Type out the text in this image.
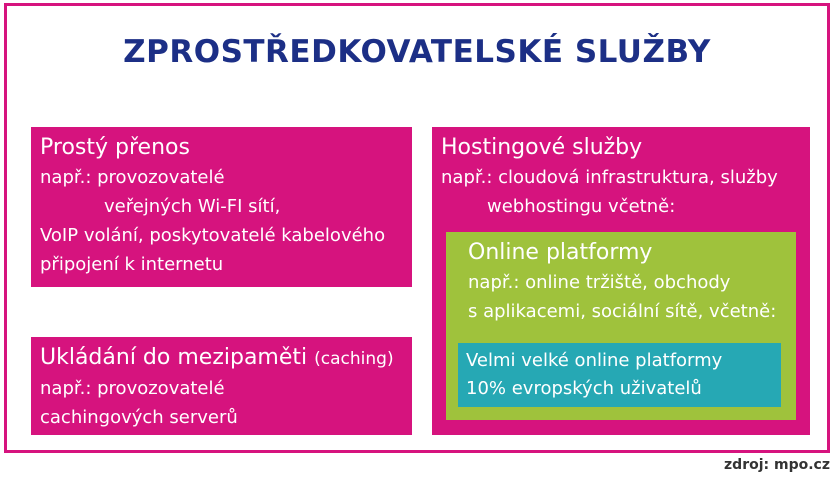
ZPROSTŘEDKOVATELSKÉ SLUŽBY
Prostý přenos
např.: provozovatelé
veřejných Wi-FI sítí,
VoIP volání, poskytovatelé kabelového
připojení k internetu
Ukládání do mezipaměti (caching)
např.: provozovatelé
cachingových serverů
Hostingové služby
např.: cloudová infrastruktura, služby
webhostingu včetně:
Online platformy
např.: online tržiště, obchody
s aplikacemi, sociální sítě, včetně:
Velmi velké online platformy
10% evropských uživatelů
zdroj: mpo.cz
